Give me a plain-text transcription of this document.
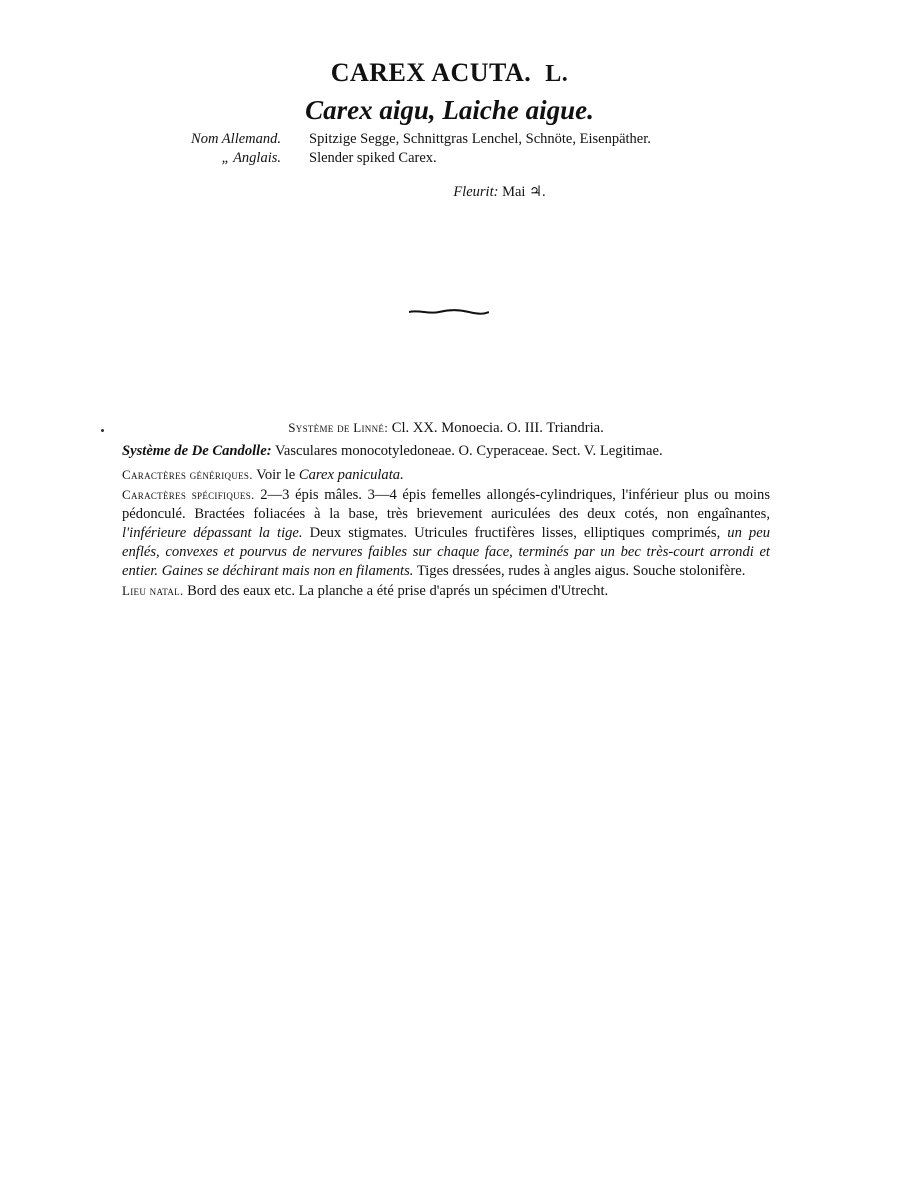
CAREX ACUTA. L.
Carex aigu, Laiche aigue.
Nom Allemand. Spitzige Segge, Schnittgras Lenchel, Schnöte, Eisenpäther.
„ Anglais. Slender spiked Carex.
Fleurit: Mai ♃.

Système de Linné: Cl. XX. Monoecia. O. III. Triandria.

Système de De Candolle: Vasculares monocotyledoneae. O. Cyperaceae. Sect. V. Legitimae.

Caractères génériques. Voir le Carex paniculata.

Caractères spécifiques. 2—3 épis mâles. 3—4 épis femelles allongés-cylindriques, l'inférieur plus ou moins pédonculé. Bractées foliacées à la base, très brievement auriculées des deux cotés, non engaînantes, l'inférieure dépassant la tige. Deux stigmates. Utricules fructifères lisses, elliptiques comprimés, un peu enflés, convexes et pourvus de nervures faibles sur chaque face, terminés par un bec très-court arrondi et entier. Gaines se déchirant mais non en filaments. Tiges dressées, rudes à angles aigus. Souche stolonifère.

Lieu natal. Bord des eaux etc. La planche a été prise d'aprés un spécimen d'Utrecht.
